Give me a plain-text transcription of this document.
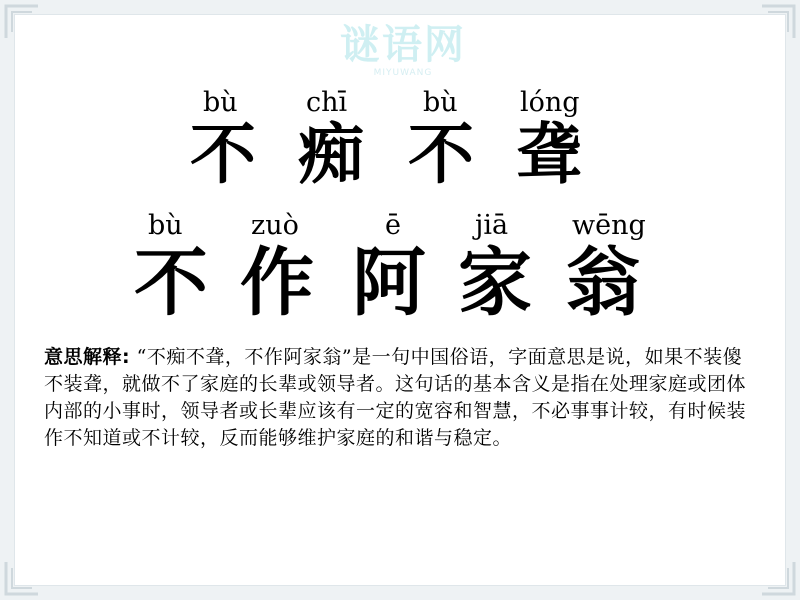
谜语网
MIYUWANG
bù	chī	bù lóng
不 痴 不 聋
bù	zuò	ē	jiā wēng
不 作 阿 家 翁
意思解释: “不痴不聋，不作阿家翁”是一句中国俗语，字面意思是说，如果不装傻不装聋，就做不了家庭的长辈或领导者。这句话的基本含义是指在处理家庭或团体内部的小事时，领导者或长辈应该有一定的宽容和智慧，不必事事计较，有时候装作不知道或不计较，反而能够维护家庭的和谐与稳定。
